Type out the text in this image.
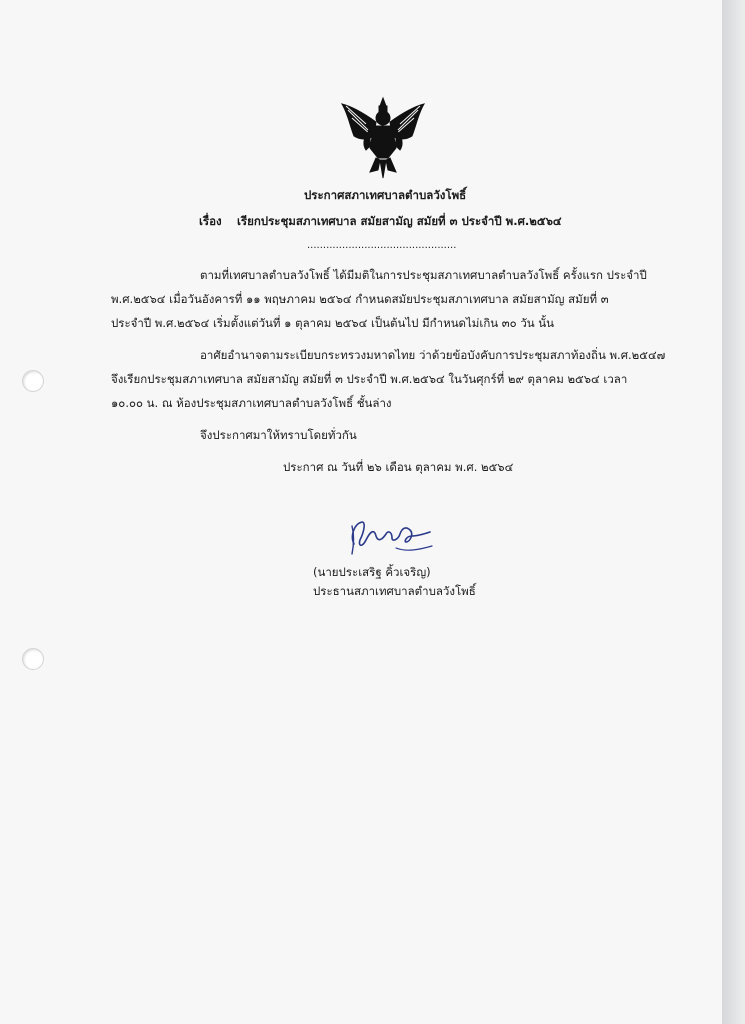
ประกาศสภาเทศบาลตำบลวังโพธิ์
เรื่อง เรียกประชุมสภาเทศบาล สมัยสามัญ สมัยที่ ๓ ประจำปี พ.ศ.๒๕๖๔
...............................................
ตามที่เทศบาลตำบลวังโพธิ์ ได้มีมติในการประชุมสภาเทศบาลตำบลวังโพธิ์ ครั้งแรก ประจำปี
พ.ศ.๒๕๖๔ เมื่อวันอังคารที่ ๑๑ พฤษภาคม ๒๕๖๔ กำหนดสมัยประชุมสภาเทศบาล สมัยสามัญ สมัยที่ ๓
ประจำปี พ.ศ.๒๕๖๔ เริ่มตั้งแต่วันที่ ๑ ตุลาคม ๒๕๖๔ เป็นต้นไป มีกำหนดไม่เกิน ๓๐ วัน นั้น
อาศัยอำนาจตามระเบียบกระทรวงมหาดไทย ว่าด้วยข้อบังคับการประชุมสภาท้องถิ่น พ.ศ.๒๕๔๗
จึงเรียกประชุมสภาเทศบาล สมัยสามัญ สมัยที่ ๓ ประจำปี พ.ศ.๒๕๖๔ ในวันศุกร์ที่ ๒๙ ตุลาคม ๒๕๖๔ เวลา
๑๐.๐๐ น. ณ ห้องประชุมสภาเทศบาลตำบลวังโพธิ์ ชั้นล่าง
จึงประกาศมาให้ทราบโดยทั่วกัน
ประกาศ ณ วันที่ ๒๖ เดือน ตุลาคม พ.ศ. ๒๕๖๔
(นายประเสริฐ คิ้วเจริญ)
ประธานสภาเทศบาลตำบลวังโพธิ์
